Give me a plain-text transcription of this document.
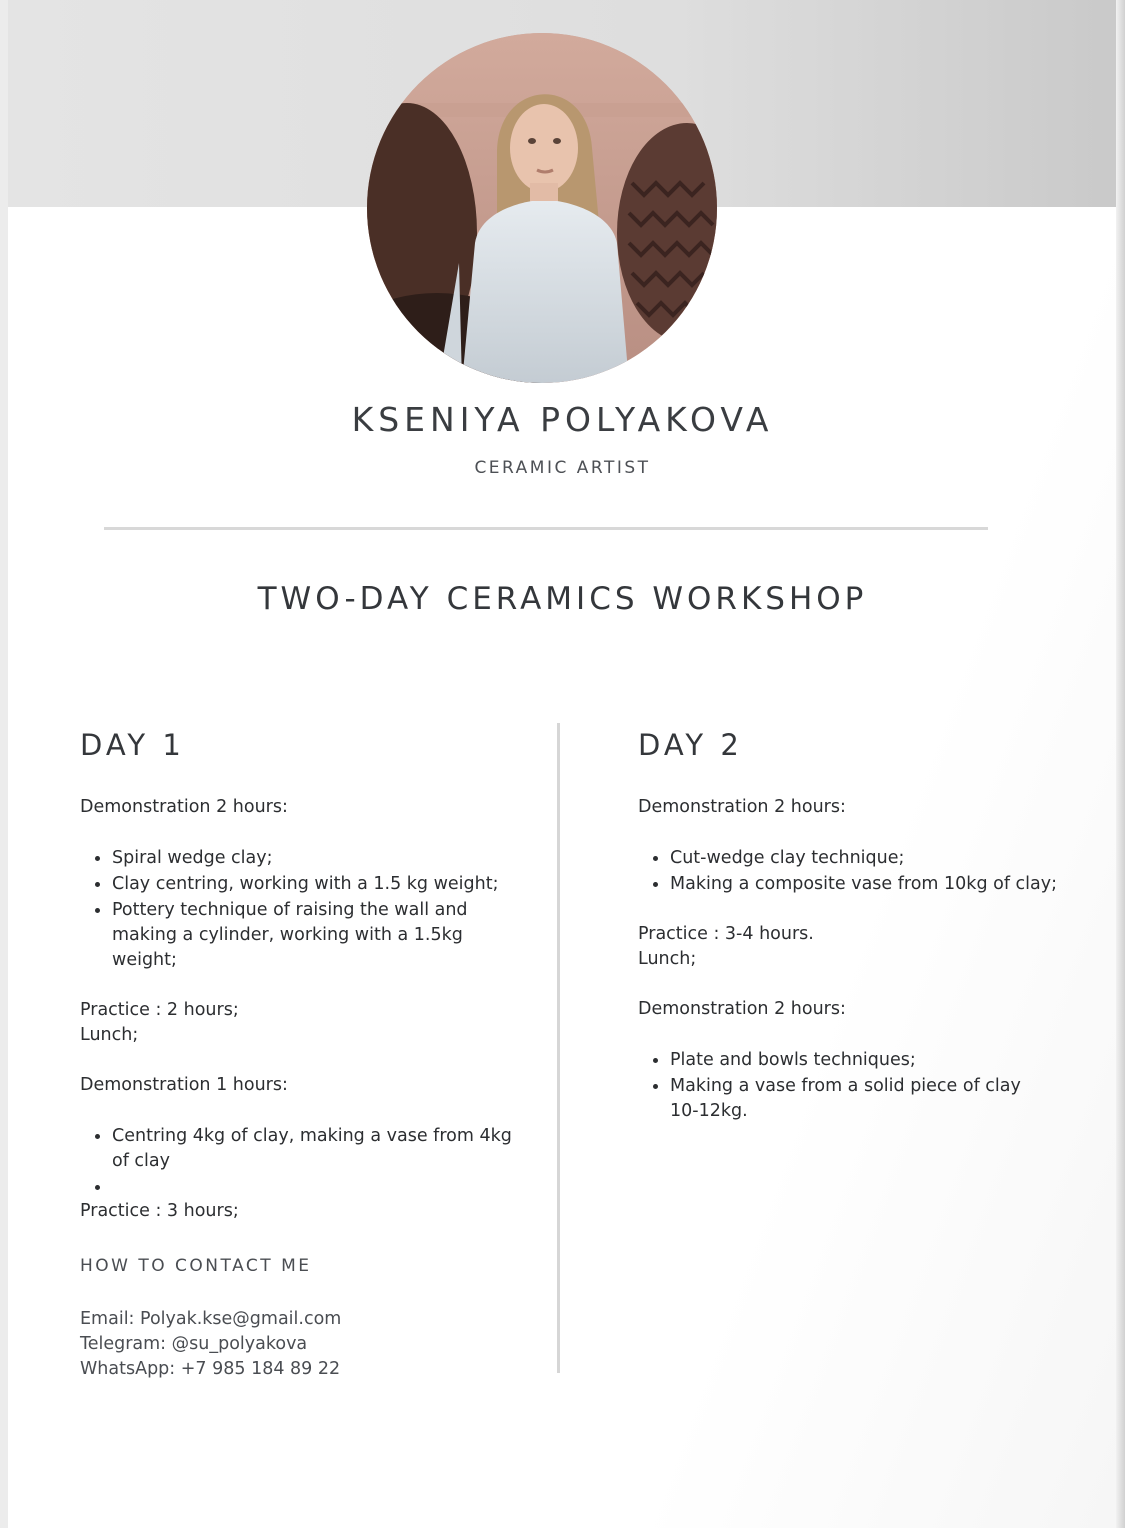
KSENIYA POLYAKOVA
CERAMIC ARTIST
TWO-DAY CERAMICS WORKSHOP
DAY 1

Demonstration 2 hours:

• Spiral wedge clay;
• Clay centring, working with a 1.5 kg weight;
• Pottery technique of raising the wall and making a cylinder, working with a 1.5kg weight;

Practice : 2 hours;

Lunch;

Demonstration 1 hours:

• Centring 4kg of clay, making a vase from 4kg of clay
•

Practice : 3 hours;

HOW TO CONTACT ME

Email: Polyak.kse@gmail.com

Telegram: @su_polyakova

WhatsApp: +7 985 184 89 22

DAY 2

Demonstration 2 hours:

• Cut-wedge clay technique;
• Making a composite vase from 10kg of clay;

Practice : 3-4 hours.

Lunch;

Demonstration 2 hours:

• Plate and bowls techniques;
• Making a vase from a solid piece of clay 10-12kg.
